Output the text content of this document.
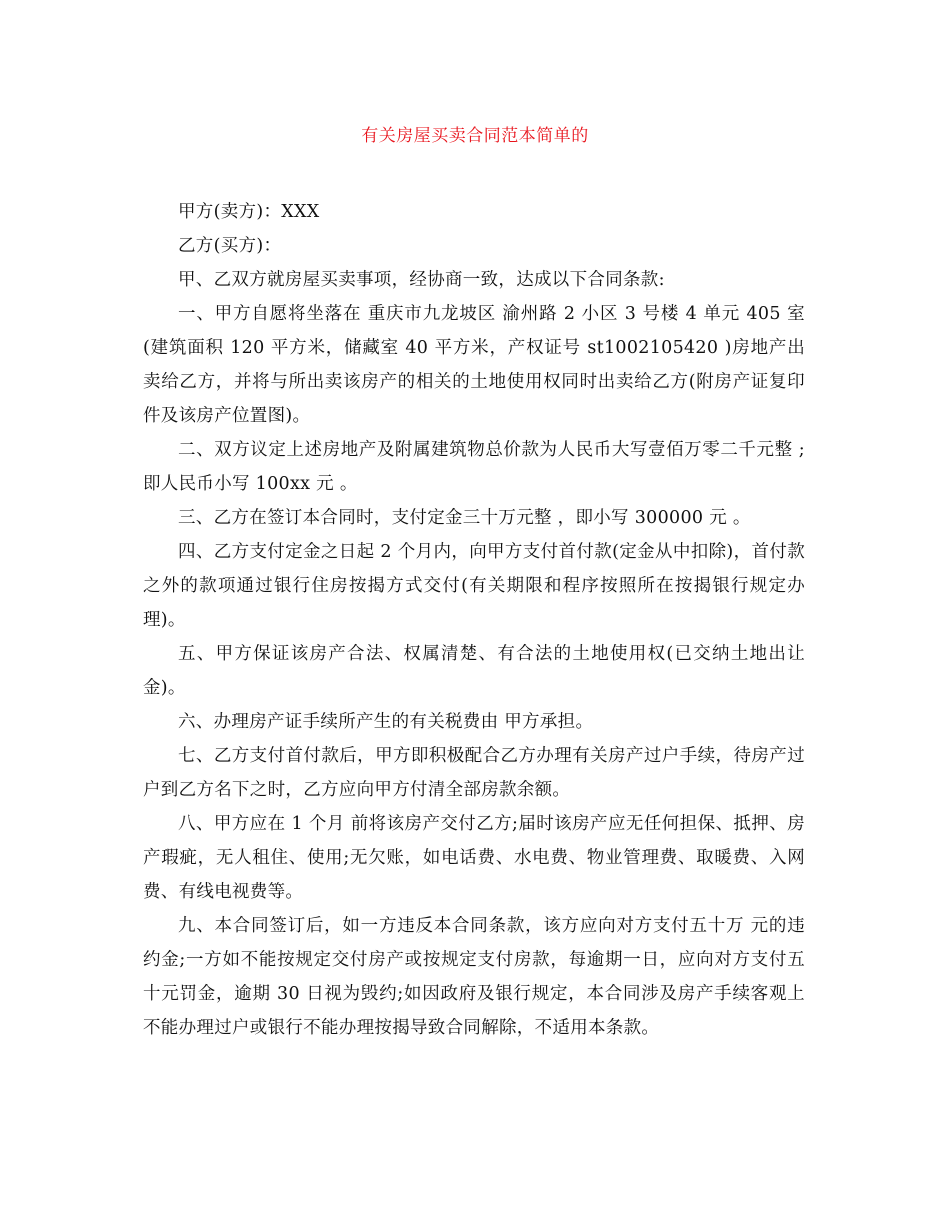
有关房屋买卖合同范本简单的

甲方(卖方)：XXX

乙方(买方)：

甲、乙双方就房屋买卖事项，经协商一致，达成以下合同条款:

一、甲方自愿将坐落在 重庆市九龙坡区 渝州路 2 小区 3 号楼 4 单元 405 室(建筑面积 120 平方米，储藏室 40 平方米，产权证号 st1002105420 )房地产出卖给乙方，并将与所出卖该房产的相关的土地使用权同时出卖给乙方(附房产证复印件及该房产位置图)。

二、双方议定上述房地产及附属建筑物总价款为人民币大写壹佰万零二千元整 ;即人民币小写 100xx 元 。

三、乙方在签订本合同时，支付定金三十万元整 ，即小写 300000 元 。

四、乙方支付定金之日起 2 个月内，向甲方支付首付款(定金从中扣除)，首付款之外的款项通过银行住房按揭方式交付(有关期限和程序按照所在按揭银行规定办理)。

五、甲方保证该房产合法、权属清楚、有合法的土地使用权(已交纳土地出让金)。

六、办理房产证手续所产生的有关税费由 甲方承担。

七、乙方支付首付款后，甲方即积极配合乙方办理有关房产过户手续，待房产过户到乙方名下之时，乙方应向甲方付清全部房款余额。

八、甲方应在 1 个月 前将该房产交付乙方;届时该房产应无任何担保、抵押、房产瑕疵，无人租住、使用;无欠账，如电话费、水电费、物业管理费、取暖费、入网费、有线电视费等。

九、本合同签订后，如一方违反本合同条款，该方应向对方支付五十万 元的违约金;一方如不能按规定交付房产或按规定支付房款，每逾期一日，应向对方支付五十元罚金，逾期 30 日视为毁约;如因政府及银行规定，本合同涉及房产手续客观上不能办理过户或银行不能办理按揭导致合同解除，不适用本条款。
